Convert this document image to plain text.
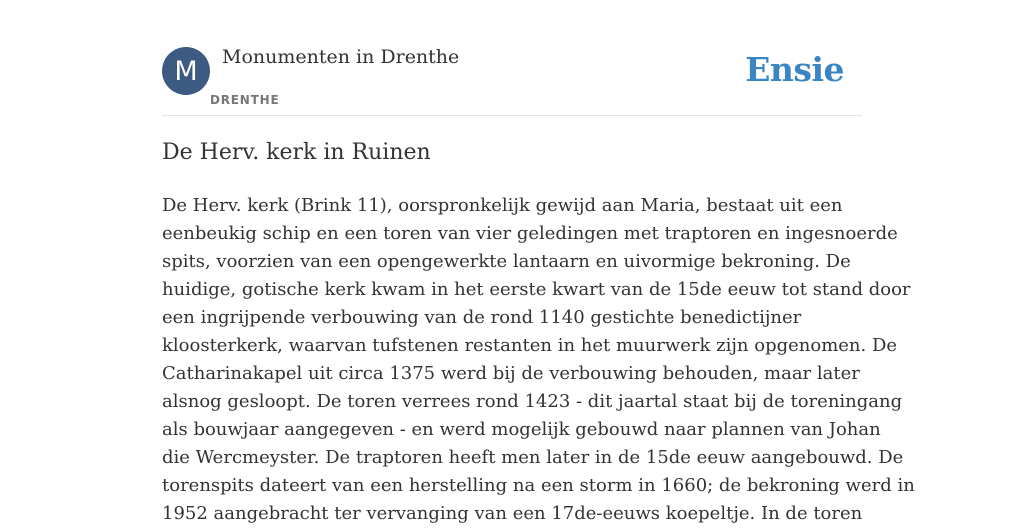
M	Monumenten in Drenthe
DRENTHE
Ensie
De Herv. kerk in Ruinen
De Herv. kerk (Brink 11), oorspronkelijk gewijd aan Maria, bestaat uit een
eenbeukig schip en een toren van vier geledingen met traptoren en ingesnoerde
spits, voorzien van een opengewerkte lantaarn en uivormige bekroning. De
huidige, gotische kerk kwam in het eerste kwart van de 15de eeuw tot stand door
een ingrijpende verbouwing van de rond 1140 gestichte benedictijner
kloosterkerk, waarvan tufstenen restanten in het muurwerk zijn opgenomen. De
Catharinakapel uit circa 1375 werd bij de verbouwing behouden, maar later
alsnog gesloopt. De toren verrees rond 1423 - dit jaartal staat bij de toreningang
als bouwjaar aangegeven - en werd mogelijk gebouwd naar plannen van Johan
die Wercmeyster. De traptoren heeft men later in de 15de eeuw aangebouwd. De
torenspits dateert van een herstelling na een storm in 1660; de bekroning werd in
1952 aangebracht ter vervanging van een 17de-eeuws koepeltje. In de toren
